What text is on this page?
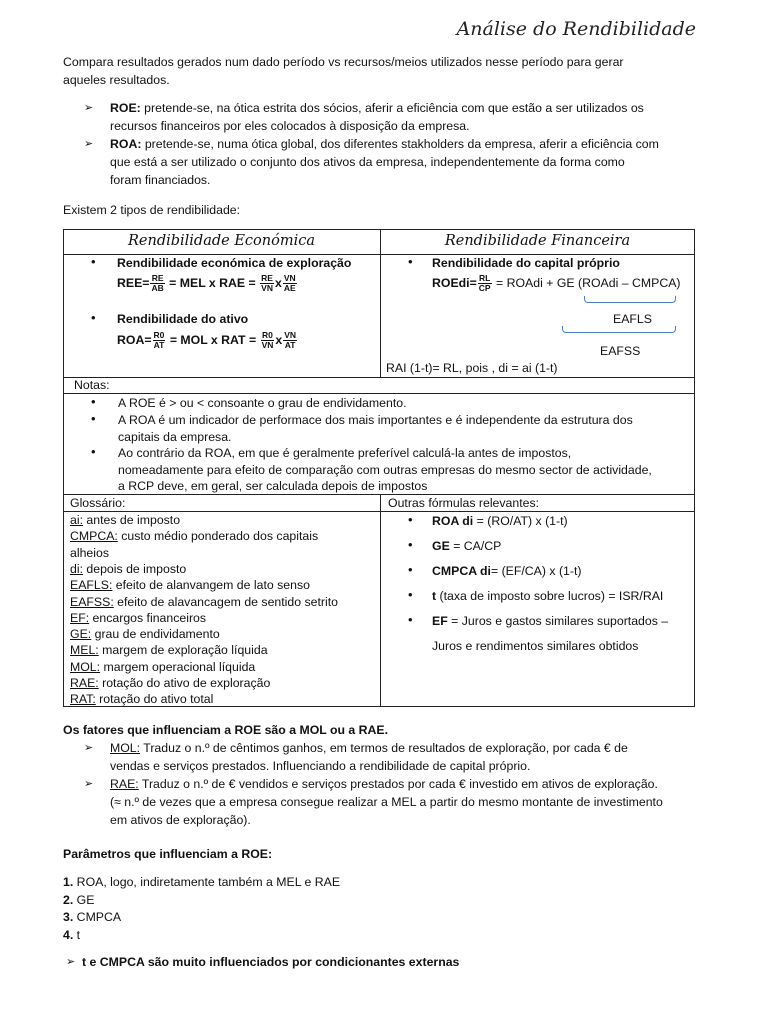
Análise do Rendibilidade
Compara resultados gerados num dado período vs recursos/meios utilizados nesse período para gerar
aqueles resultados.
➢ ROE: pretende-se, na ótica estrita dos sócios, aferir a eficiência com que estão a ser utilizados os
recursos financeiros por eles colocados à disposição da empresa.
➢ ROA: pretende-se, numa ótica global, dos diferentes stakholders da empresa, aferir a eficiência com
que está a ser utilizado o conjunto dos ativos da empresa, independentemente da forma como
foram financiados.
Existem 2 tipos de rendibilidade:
Rendibilidade Económica	Rendibilidade Financeira
• Rendibilidade económica de exploração
$REE= \frac{RE}{AB}$ = MEL x RAE = $\frac{RE}{VN}$ x $\frac{VN}{AE}$
• Rendibilidade do ativo
$ROA= \frac{R0}{AT}$ = MOL x RAT = $\frac{R0}{VN}$ x $\frac{VN}{AT}$
• Rendibilidade do capital próprio
ROEdi= $\frac{RL}{CP}$ = ROAdi + GE (ROAdi – CMPCA)
EAFLS
EAFSS
RAI (1-t)= RL, pois , di = ai (1-t)
Notas:
• A ROE é > ou < consoante o grau de endividamento.
• A ROA é um indicador de performace dos mais importantes e é independente da estrutura dos
capitais da empresa.
• Ao contrário da ROA, em que é geralmente preferível calculá-la antes de impostos,
nomeadamente para efeito de comparação com outras empresas do mesmo sector de actividade,
a RCP deve, em geral, ser calculada depois de impostos
Glossário:
ai: antes de imposto
CMPCA: custo médio ponderado dos capitais
alheios
di: depois de imposto
EAFLS: efeito de alanvangem de lato senso
EAFSS: efeito de alavancagem de sentido setrito
EF: encargos financeiros
GE: grau de endividamento
MEL: margem de exploração líquida
MOL: margem operacional líquida
RAE: rotação do ativo de exploração
RAT: rotação do ativo total
Outras fórmulas relevantes:
• ROA di = (RO/AT) x (1-t)
• GE = CA/CP
• CMPCA di= (EF/CA) x (1-t)
• t (taxa de imposto sobre lucros) = ISR/RAI
• EF = Juros e gastos similares suportados –
Juros e rendimentos similares obtidos
Os fatores que influenciam a ROE são a MOL ou a RAE.
➢ MOL: Traduz o n.º de cêntimos ganhos, em termos de resultados de exploração, por cada € de
vendas e serviços prestados. Influenciando a rendibilidade de capital próprio.
➢ RAE: Traduz o n.º de € vendidos e serviços prestados por cada € investido em ativos de exploração.
(≈ n.º de vezes que a empresa consegue realizar a MEL a partir do mesmo montante de investimento
em ativos de exploração).
Parâmetros que influenciam a ROE:
1. ROA, logo, indiretamente também a MEL e RAE
2. GE
3. CMPCA
4. t
➢ t e CMPCA são muito influenciados por condicionantes externas
